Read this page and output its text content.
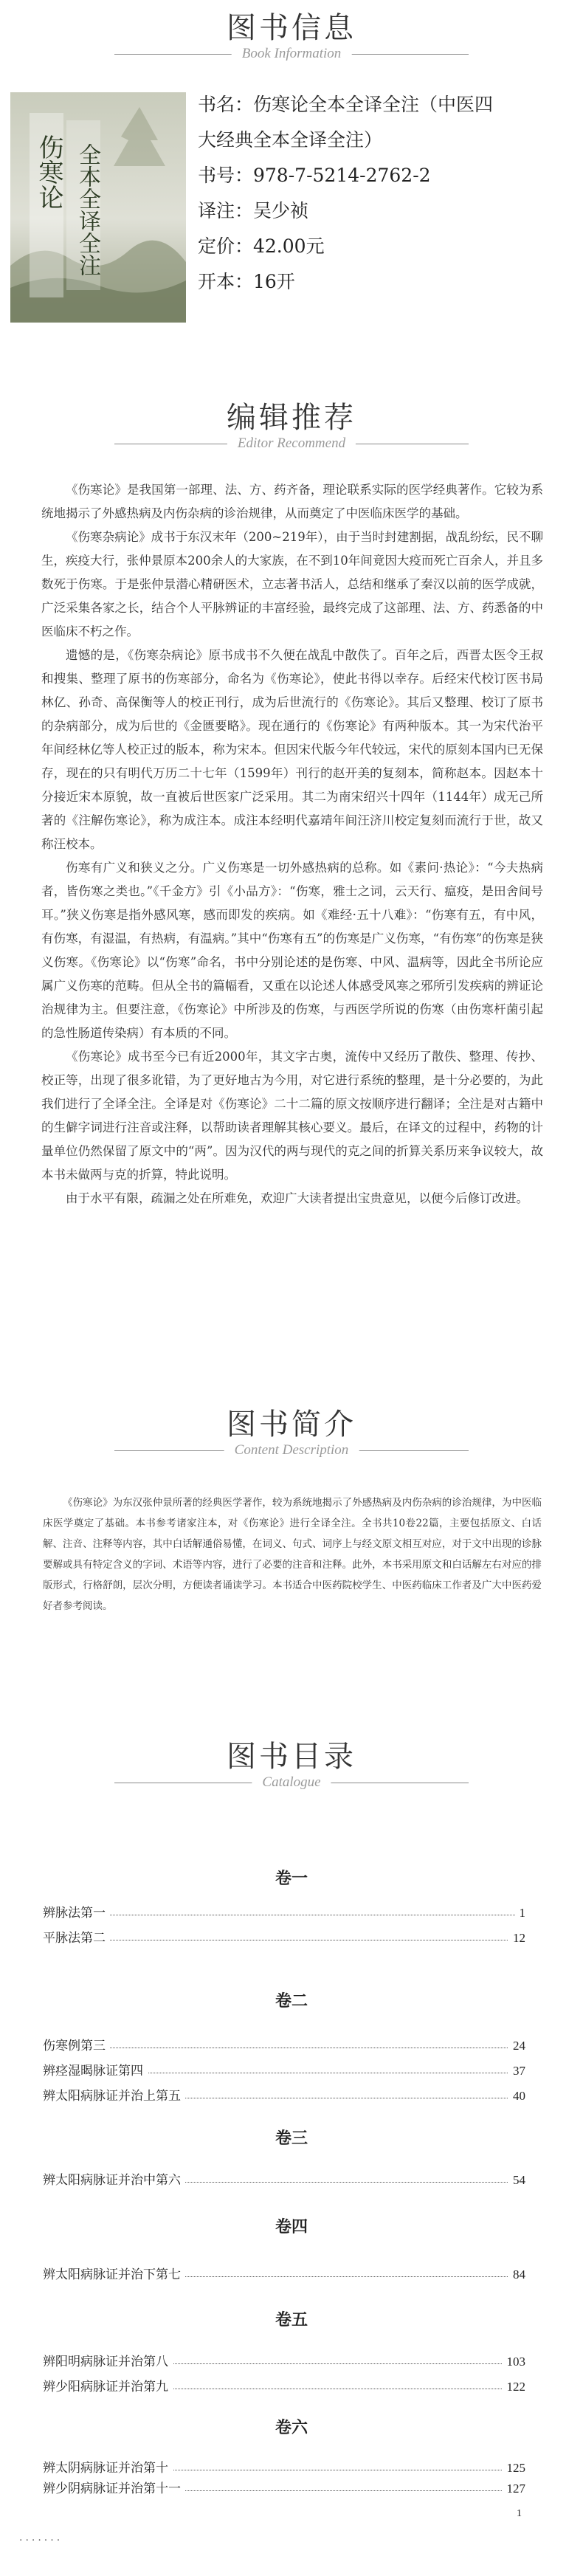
图书信息
Book Information
伤寒论 全本全译全注
书名：伤寒论全本全译全注（中医四
大经典全本全译全注）
书号：978-7-5214-2762-2
译注：吴少祯
定价：42.00元
开本：16开
编辑推荐
Editor Recommend

《伤寒论》是我国第一部理、法、方、药齐备，理论联系实际的医学经典著作。它较为系统地揭示了外感热病及内伤杂病的诊治规律，从而奠定了中医临床医学的基础。

《伤寒杂病论》成书于东汉末年（200~219年），由于当时封建割据，战乱纷纭，民不聊生，疾疫大行，张仲景原本200余人的大家族，在不到10年间竟因大疫而死亡百余人，并且多数死于伤寒。于是张仲景潜心精研医术，立志著书活人，总结和继承了秦汉以前的医学成就，广泛采集各家之长，结合个人平脉辨证的丰富经验，最终完成了这部理、法、方、药悉备的中医临床不朽之作。

遗憾的是，《伤寒杂病论》原书成书不久便在战乱中散佚了。百年之后，西晋太医令王叔和搜集、整理了原书的伤寒部分，命名为《伤寒论》，使此书得以幸存。后经宋代校订医书局林亿、孙奇、高保衡等人的校正刊行，成为后世流行的《伤寒论》。其后又整理、校订了原书的杂病部分，成为后世的《金匮要略》。现在通行的《伤寒论》有两种版本。其一为宋代治平年间经林亿等人校正过的版本，称为宋本。但因宋代版今年代较远，宋代的原刻本国内已无保存，现在的只有明代万历二十七年（1599年）刊行的赵开美的复刻本，简称赵本。因赵本十分接近宋本原貌，故一直被后世医家广泛采用。其二为南宋绍兴十四年（1144年）成无己所著的《注解伤寒论》，称为成注本。成注本经明代嘉靖年间汪济川校定复刻而流行于世，故又称汪校本。

伤寒有广义和狭义之分。广义伤寒是一切外感热病的总称。如《素问·热论》：“今夫热病者，皆伤寒之类也。”《千金方》引《小品方》：“伤寒，雅士之词，云天行、瘟疫，是田舍间号耳。”狭义伤寒是指外感风寒，感而即发的疾病。如《难经·五十八难》：“伤寒有五，有中风，有伤寒，有湿温，有热病，有温病。”其中“伤寒有五”的伤寒是广义伤寒，“有伤寒”的伤寒是狭义伤寒。《伤寒论》以“伤寒”命名，书中分别论述的是伤寒、中风、温病等，因此全书所论应属广义伤寒的范畴。但从全书的篇幅看，又重在以论述人体感受风寒之邪所引发疾病的辨证论治规律为主。但要注意，《伤寒论》中所涉及的伤寒，与西医学所说的伤寒（由伤寒杆菌引起的急性肠道传染病）有本质的不同。

《伤寒论》成书至今已有近2000年，其文字古奥，流传中又经历了散佚、整理、传抄、校正等，出现了很多讹错，为了更好地古为今用，对它进行系统的整理，是十分必要的，为此我们进行了全译全注。全译是对《伤寒论》二十二篇的原文按顺序进行翻译；全注是对古籍中的生僻字词进行注音或注释，以帮助读者理解其核心要义。最后，在译文的过程中，药物的计量单位仍然保留了原文中的“两”。因为汉代的两与现代的克之间的折算关系历来争议较大，故本书未做两与克的折算，特此说明。

由于水平有限，疏漏之处在所难免，欢迎广大读者提出宝贵意见，以便今后修订改进。

图书简介
Content Description
《伤寒论》为东汉张仲景所著的经典医学著作，较为系统地揭示了外感热病及内伤杂病的诊治规律，为中医临床医学奠定了基础。本书参考诸家注本，对《伤寒论》进行全译全注。全书共10卷22篇，主要包括原文、白话解、注音、注释等内容，其中白话解通俗易懂，在词义、句式、词序上与经文原文相互对应，对于文中出现的诊脉要解或具有特定含义的字词、术语等内容，进行了必要的注音和注释。此外，本书采用原文和白话解左右对应的排版形式，行格舒朗，层次分明，方便读者诵读学习。本书适合中医药院校学生、中医药临床工作者及广大中医药爱好者参考阅读。
图书目录
Catalogue
卷一
辨脉法第一	1
平脉法第二	12
卷二
伤寒例第三	24
辨痉湿暍脉证第四	37
辨太阳病脉证并治上第五	40
卷三
辨太阳病脉证并治中第六	54
卷四
辨太阳病脉证并治下第七	84
卷五
辨阳明病脉证并治第八	103
辨少阳病脉证并治第九	122
卷六
辨太阴病脉证并治第十	125
辨少阴病脉证并治第十一	127
1
.......
